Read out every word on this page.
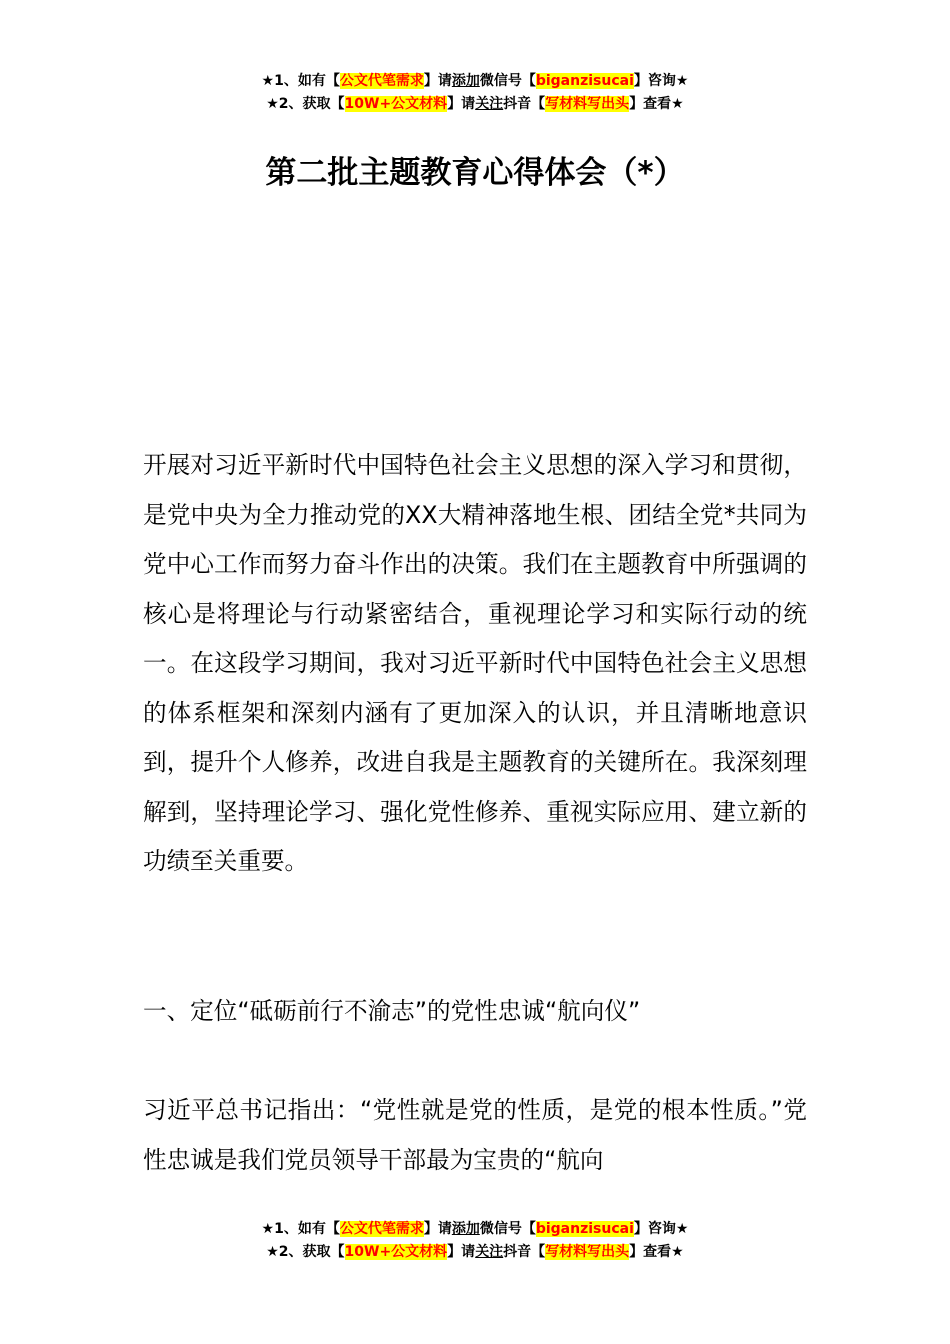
★1、如有【公文代笔需求】请添加微信号【biganzisucai】咨询★
★2、获取【10W+公文材料】请关注抖音【写材料写出头】查看★
第二批主题教育心得体会（*）

开展对习近平新时代中国特色社会主义思想的深入学习和贯彻，是党中央为全力推动党的XX大精神落地生根、团结全党*共同为党中心工作而努力奋斗作出的决策。我们在主题教育中所强调的核心是将理论与行动紧密结合，重视理论学习和实际行动的统一。在这段学习期间，我对习近平新时代中国特色社会主义思想的体系框架和深刻内涵有了更加深入的认识，并且清晰地意识到，提升个人修养，改进自我是主题教育的关键所在。我深刻理解到，坚持理论学习、强化党性修养、重视实际应用、建立新的功绩至关重要。

一、定位“砥砺前行不渝志”的党性忠诚“航向仪”

习近平总书记指出：“党性就是党的性质，是党的根本性质。”党性忠诚是我们党员领导干部最为宝贵的“航向

★1、如有【公文代笔需求】请添加微信号【biganzisucai】咨询★
★2、获取【10W+公文材料】请关注抖音【写材料写出头】查看★
